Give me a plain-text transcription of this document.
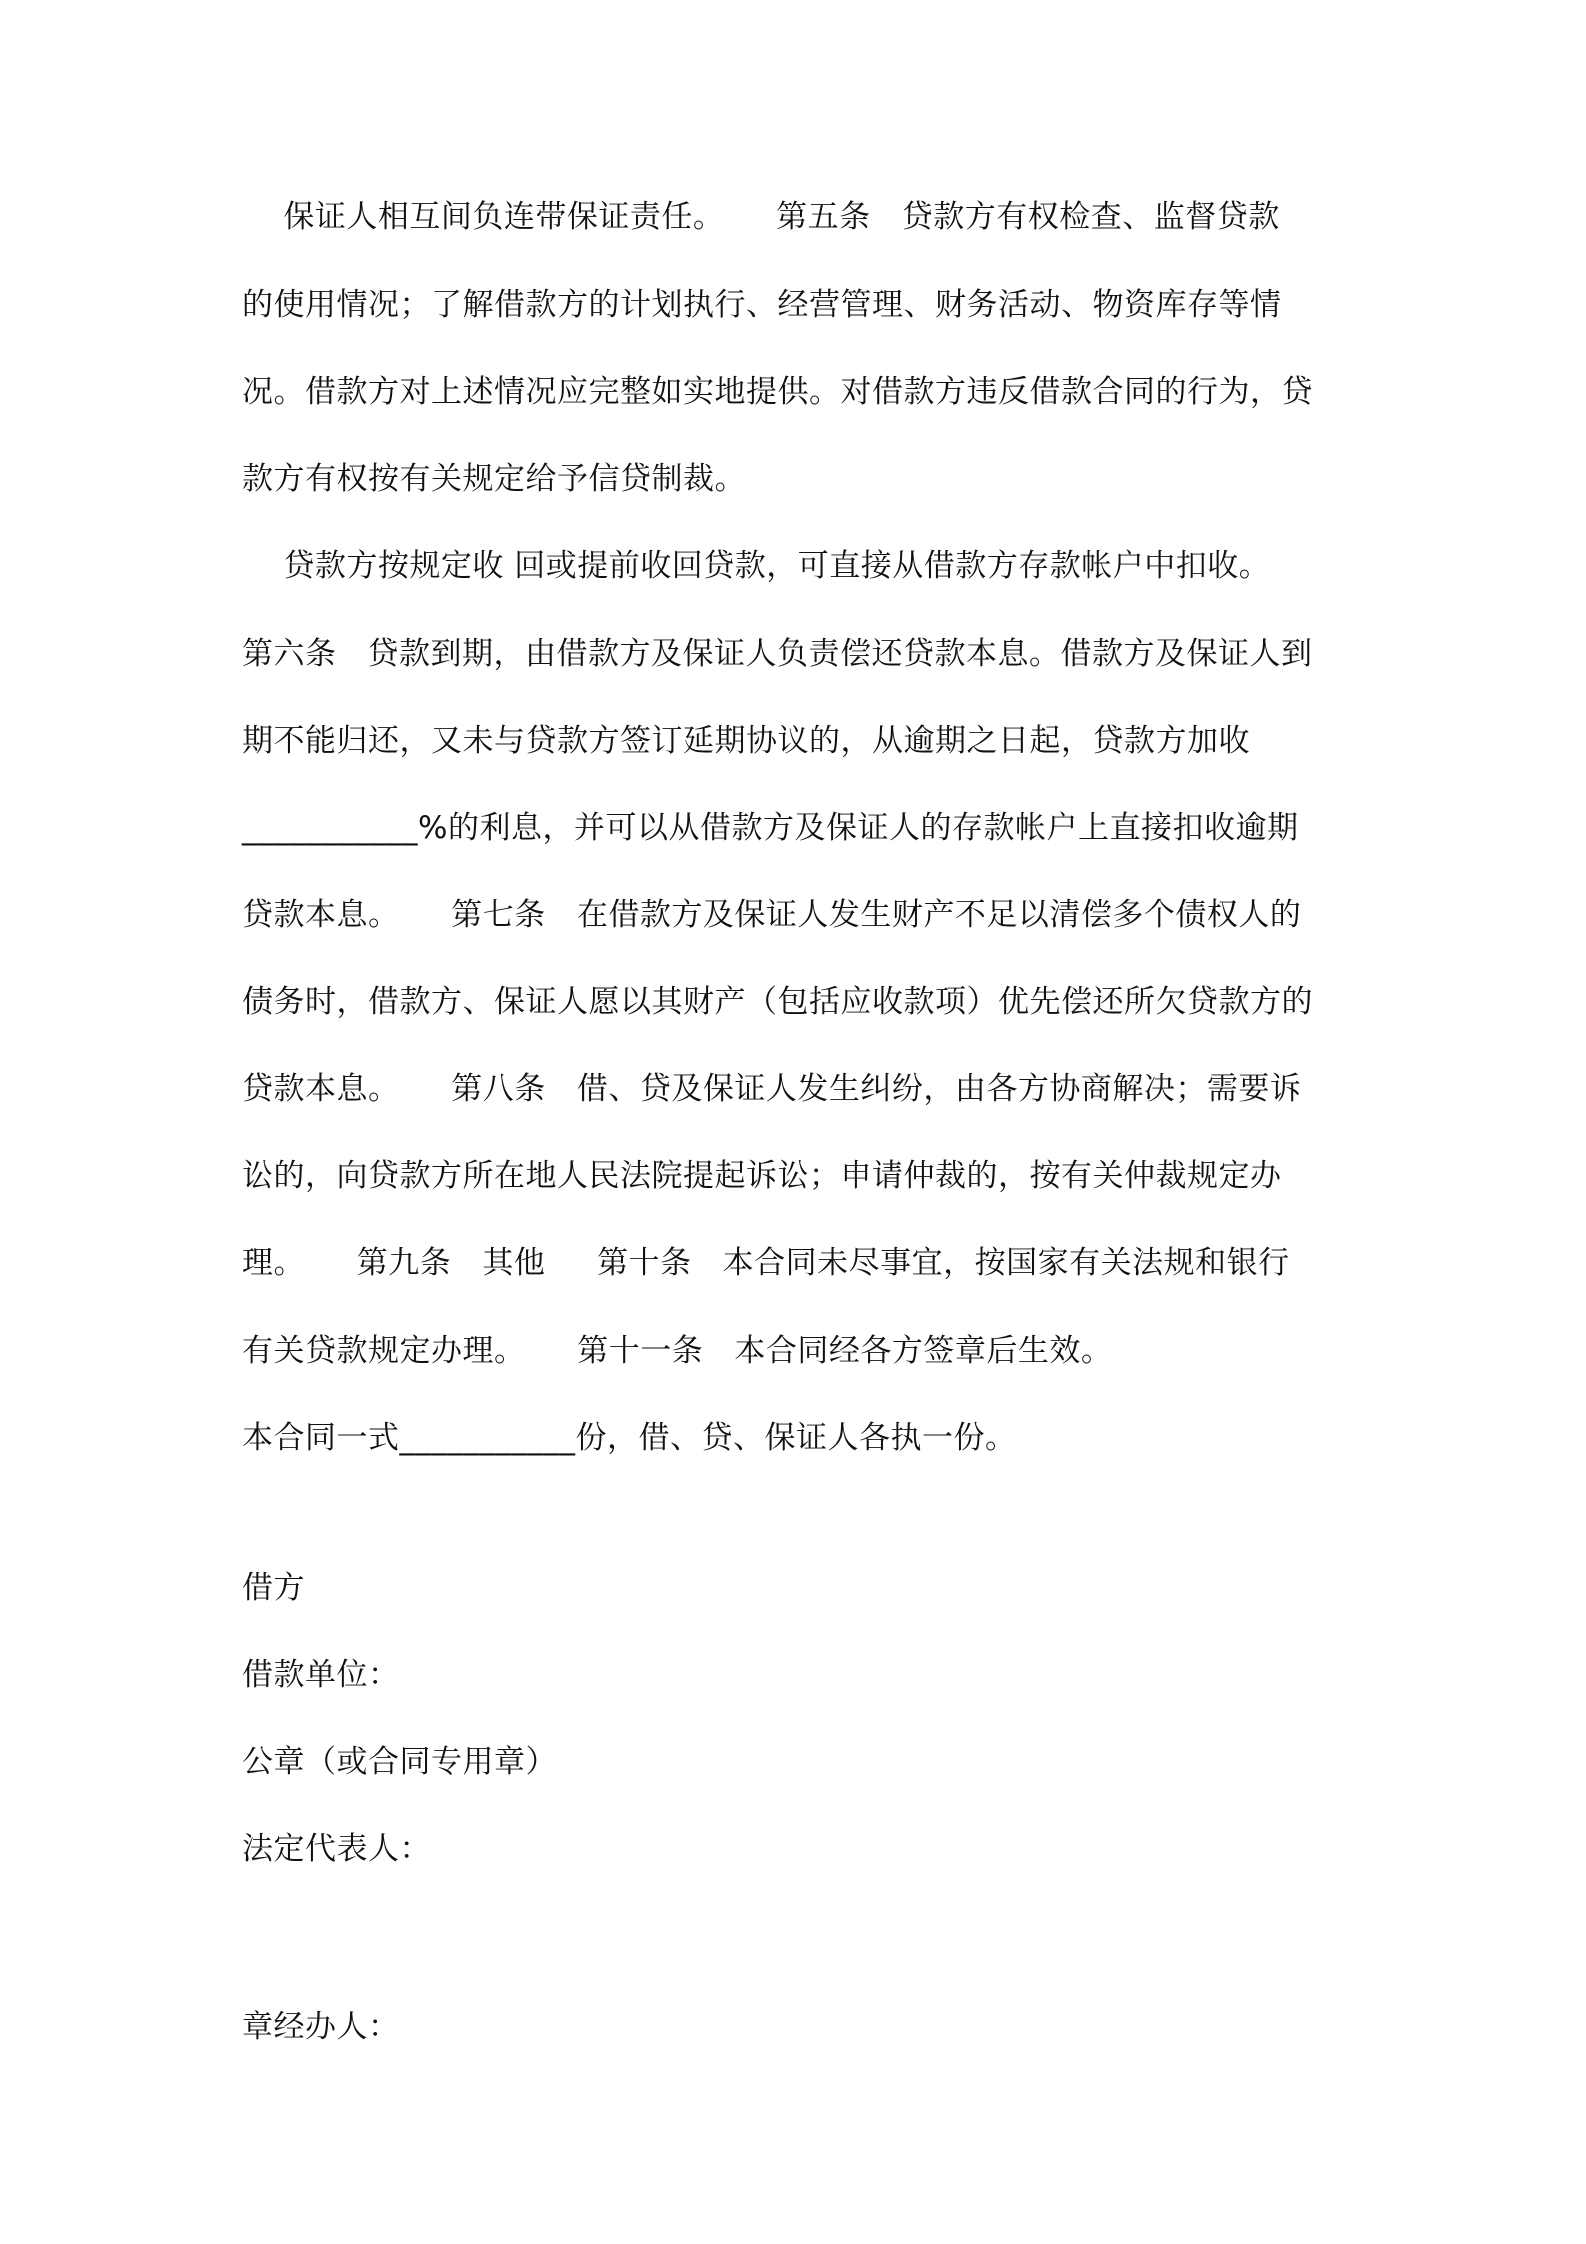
保证人相互间负连带保证责任。     第五条   贷款方有权检查、监督贷款
的使用情况；了解借款方的计划执行、经营管理、财务活动、物资库存等情
况。借款方对上述情况应完整如实地提供。对借款方违反借款合同的行为，贷
款方有权按有关规定给予信贷制裁。
贷款方按规定收 回或提前收回贷款，可直接从借款方存款帐户中扣收。
第六条   贷款到期，由借款方及保证人负责偿还贷款本息。借款方及保证人到
期不能归还，又未与贷款方签订延期协议的，从逾期之日起，贷款方加收
___________%的利息，并可以从借款方及保证人的存款帐户上直接扣收逾期
贷款本息。     第七条   在借款方及保证人发生财产不足以清偿多个债权人的
债务时，借款方、保证人愿以其财产（包括应收款项）优先偿还所欠贷款方的
贷款本息。     第八条   借、贷及保证人发生纠纷，由各方协商解决；需要诉
讼的，向贷款方所在地人民法院提起诉讼；申请仲裁的，按有关仲裁规定办
理。     第九条   其他     第十条   本合同未尽事宜，按国家有关法规和银行
有关贷款规定办理。     第十一条   本合同经各方签章后生效。
本合同一式___________份，借、贷、保证人各执一份。
借方
借款单位：
公章（或合同专用章）
法定代表人：
章经办人：
